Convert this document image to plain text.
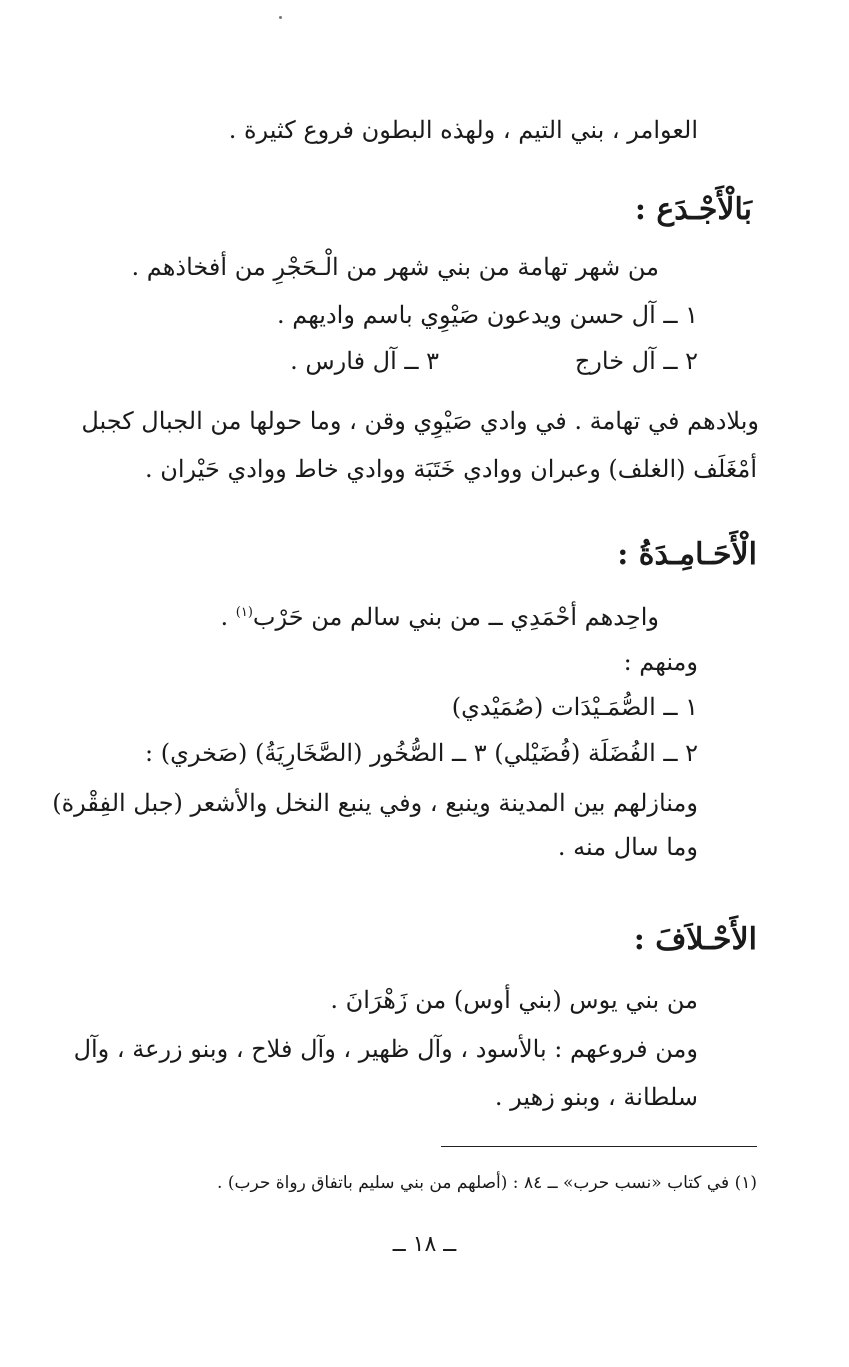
العوامر ، بني التيم ، ولهذه البطون فروع كثيرة .
بَالْأَجْـدَع :
من شهر تهامة من بني شهر من الْـحَجْرِ من أفخاذهم .
١ ــ آل حسن ويدعون صَيْوِي باسم واديهم .
٢ ــ آل خارج
٣ ــ آل فارس .
وبلادهم في تهامة . في وادي صَيْوِي وقن ، وما حولها من الجبال كجبل
أمْغَلَف (الغلف) وعبران ووادي خَتَبَة ووادي خاط ووادي حَيْران .
الْأَحَـامِـدَةُ :
واحِدهم أحْمَدِي ــ من بني سالم من حَرْب$^{(١)}$ .
ومنهم :
١ ــ الصُّمَـيْدَات (صُمَيْدي)
٢ ــ الفُضَلَة (فُضَيْلي) ٣ ــ الصُّخُور (الصَّخَارِيَةُ) (صَخري) :
ومنازلهم بين المدينة وينبع ، وفي ينبع النخل والأشعر (جبل الفِقْرة)
وما سال منه .
الأَحْـلاَفَ :
من بني يوس (بني أوس) من زَهْرَانَ .
ومن فروعهم : بالأسود ، وآل ظهير ، وآل فلاح ، وبنو زرعة ، وآل
سلطانة ، وبنو زهير .
(١) في كتاب «نسب حرب» ــ ٨٤ : (أصلهم من بني سليم باتفاق رواة حرب) .
ــ ١٨ ــ
